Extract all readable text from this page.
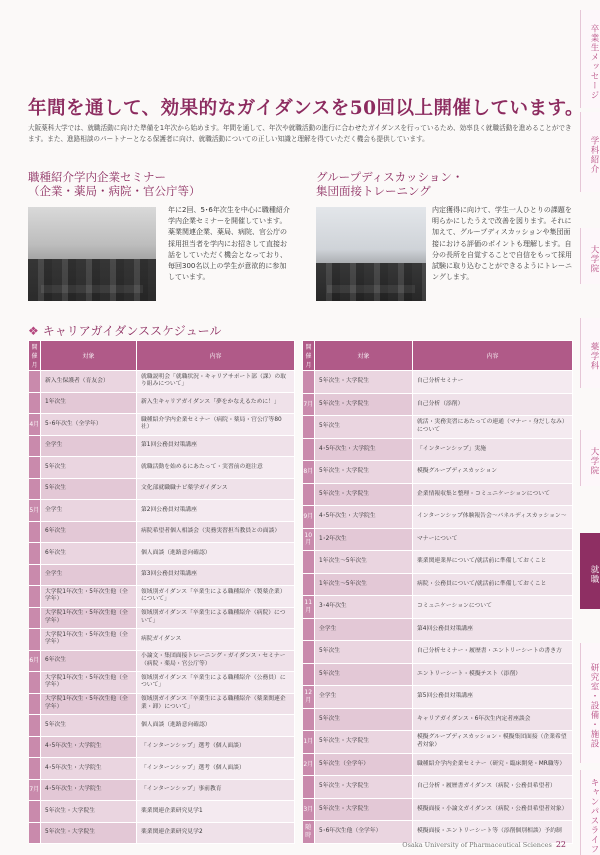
卒業生メッセージ
学科紹介
大学院
薬学科
大学院
就職
研究室・設備・施設
キャンパスライフ
年間を通して、効果的なガイダンスを50回以上開催しています。
大阪薬科大学では、就職活動に向けた準備を1年次から始めます。年間を通して、年次や就職活動の進行に合わせたガイダンスを行っているため、効率良く就職活動を進めることができます。また、進路相談のパートナーとなる保護者に向け、就職活動についての正しい知識と理解を得ていただく機会も提供しています。
職種紹介学内企業セミナー
（企業・薬局・病院・官公庁等）
年に2回、5･6年次生を中心に職種紹介学内企業セミナーを開催しています。薬業関連企業、薬局、病院、官公庁の採用担当者を学内にお招きして直接お話をしていただく機会となっており、毎回300名以上の学生が意欲的に参加しています。
グループディスカッション・
集団面接トレーニング
内定獲得に向けて、学生一人ひとりの課題を明らかにしたうえで改善を図ります。それに加えて、グループディスカッションや集団面接における評価のポイントも理解します。自分の長所を自覚することで自信をもって採用試験に取り込むことができるようにトレーニングします。
❖ キャリアガイダンススケジュール
開催月	対象	内容
	新入生保護者（育友会）	就職説明会「就職状況・キャリアサポート部（課）の取り組みについて」
	1年次生	新入生キャリアガイダンス「夢をかなえるために！」
4月	5･6年次生（全学年）	職種紹介学内企業セミナー（病院・薬局・官公庁等80社）
	全学生	第1回公務員対策講座
	5年次生	就職活動を始めるにあたって・実習前の進注意
	5年次生	文化部就職職ナビ薬学ガイダンス
5月	全学生	第2回公務員対策講座
	6年次生	病院希望者個人相談会（実務実習担当教員との面談）
	6年次生	個人面談（進路意向確認）
	全学生	第3回公務員対策講座
	大学院1年次生・5年次生他（全学年）	領域別ガイダンス「卒業生による職種紹介（製薬企業）について」
	大学院1年次生・5年次生他（全学年）	領域別ガイダンス「卒業生による職種紹介（病院）について」
	大学院1年次生・5年次生他（全学年）	病院ガイダンス
6月	6年次生	小論文・集団面接トレーニング・ガイダンス・セミナー（病院・薬局・官公庁等）
	大学院1年次生・5年次生他（全学年）	領域別ガイダンス「卒業生による職種紹介（公務員）について」
	大学院1年次生・5年次生他（全学年）	領域別ガイダンス「卒業生による職種紹介（薬業関連企業・卸）について」
	5年次生	個人面談（進路意向確認）
	4･5年次生・大学院生	「インターンシップ」選考（個人面談）
	4･5年次生・大学院生	「インターンシップ」選考（個人面談）
7月	4･5年次生・大学院生	「インターンシップ」事前教育
	5年次生・大学院生	薬業関連企業研究見学1
	5年次生・大学院生	薬業関連企業研究見学2
開催月	対象	内容
	5年次生・大学院生	自己分析セミナー
7月	5年次生・大学院生	自己分析（添削）
	5年次生	就活・実務実習にあたっての連通（マナー・身だしなみ）について
	4･5年次生・大学院生	「インターンシップ」実施
8月	5年次生・大学院生	模擬グループディスカッション
	5年次生・大学院生	企業情報収集と整理・コミュニケーションについて
9月	4･5年次生・大学院生	インターンシップ体験報告会〜パネルディスカッション〜
10月	1･2年次生	マナーについて
	1年次生〜5年次生	薬業関連業界について/就活前に準備しておくこと
	1年次生〜5年次生	病院・公務員について/就活前に準備しておくこと
11月	3･4年次生	コミュニケーションについて
	全学生	第4回公務員対策講座
	5年次生	自己分析セミナー・履歴書・エントリーシートの書き方
	5年次生	エントリーシート・模擬テスト（添削）
12月	全学生	第5回公務員対策講座
	5年次生	キャリアガイダンス・6年次生内定者座談会
1月	5年次生・大学院生	模擬グループディスカッション・模擬集団面接（企業希望者対象）
2月	5年次生（全学年）	職種紹介学内企業セミナー（研究・臨床開発・MR職等）
	5年次生・大学院生	自己分析・履歴書ガイダンス（病院・公務員希望者）
3月	5年次生・大学院生	模擬面接・小論文ガイダンス（病院・公務員希望者対象）
随時	5･6年次生他（全学年）	模擬面接・エントリーシート等（添削個別相談）予約制
Osaka University of Pharmaceutical Sciences 22
